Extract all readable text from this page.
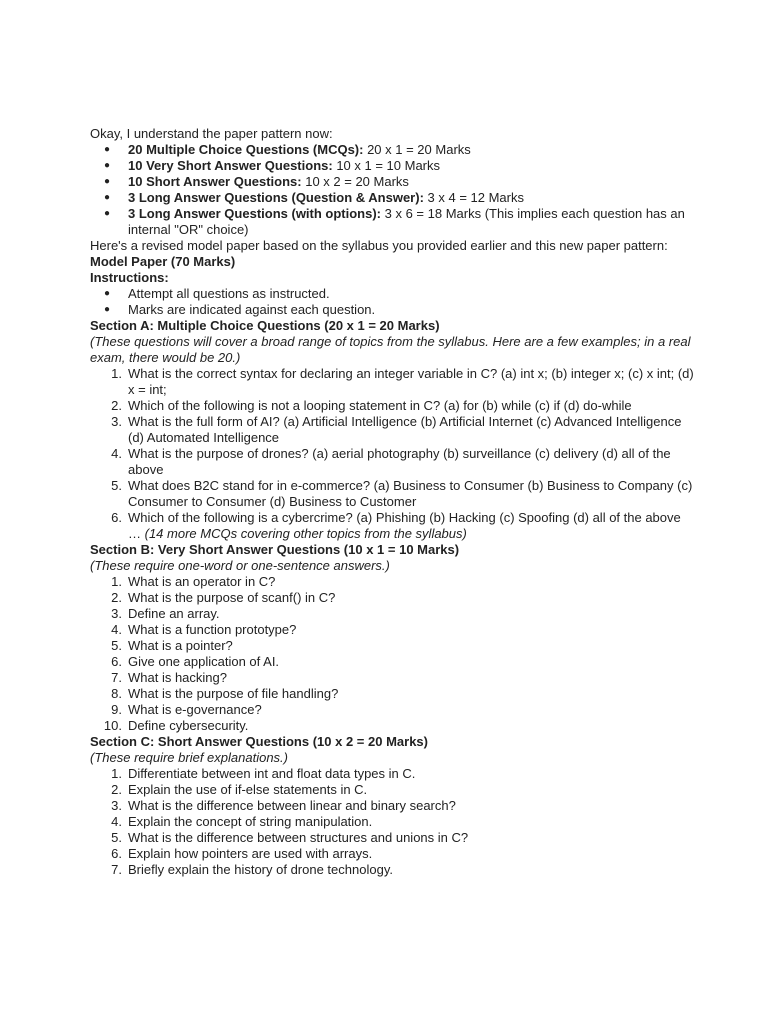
Okay, I understand the paper pattern now:

● 20 Multiple Choice Questions (MCQs): 20 x 1 = 20 Marks
● 10 Very Short Answer Questions: 10 x 1 = 10 Marks
● 10 Short Answer Questions: 10 x 2 = 20 Marks
● 3 Long Answer Questions (Question & Answer): 3 x 4 = 12 Marks
● 3 Long Answer Questions (with options): 3 x 6 = 18 Marks (This implies each question has an internal "OR" choice)

Here's a revised model paper based on the syllabus you provided earlier and this new paper pattern:

Model Paper (70 Marks)

Instructions:

● Attempt all questions as instructed.
● Marks are indicated against each question.

Section A: Multiple Choice Questions (20 x 1 = 20 Marks)

(These questions will cover a broad range of topics from the syllabus. Here are a few examples; in a real exam, there would be 20.)

1. What is the correct syntax for declaring an integer variable in C? (a) int x; (b) integer x; (c) x int; (d) x = int;
2. Which of the following is not a looping statement in C? (a) for (b) while (c) if (d) do-while
3. What is the full form of AI? (a) Artificial Intelligence (b) Artificial Internet (c) Advanced Intelligence (d) Automated Intelligence
4. What is the purpose of drones? (a) aerial photography (b) surveillance (c) delivery (d) all of the above
5. What does B2C stand for in e-commerce? (a) Business to Consumer (b) Business to Company (c) Consumer to Consumer (d) Business to Customer
6. Which of the following is a cybercrime? (a) Phishing (b) Hacking (c) Spoofing (d) all of the above … (14 more MCQs covering other topics from the syllabus)

Section B: Very Short Answer Questions (10 x 1 = 10 Marks)

(These require one-word or one-sentence answers.)

1. What is an operator in C?
2. What is the purpose of scanf() in C?
3. Define an array.
4. What is a function prototype?
5. What is a pointer?
6. Give one application of AI.
7. What is hacking?
8. What is the purpose of file handling?
9. What is e-governance?
10. Define cybersecurity.

Section C: Short Answer Questions (10 x 2 = 20 Marks)

(These require brief explanations.)

1. Differentiate between int and float data types in C.
2. Explain the use of if-else statements in C.
3. What is the difference between linear and binary search?
4. Explain the concept of string manipulation.
5. What is the difference between structures and unions in C?
6. Explain how pointers are used with arrays.
7. Briefly explain the history of drone technology.
